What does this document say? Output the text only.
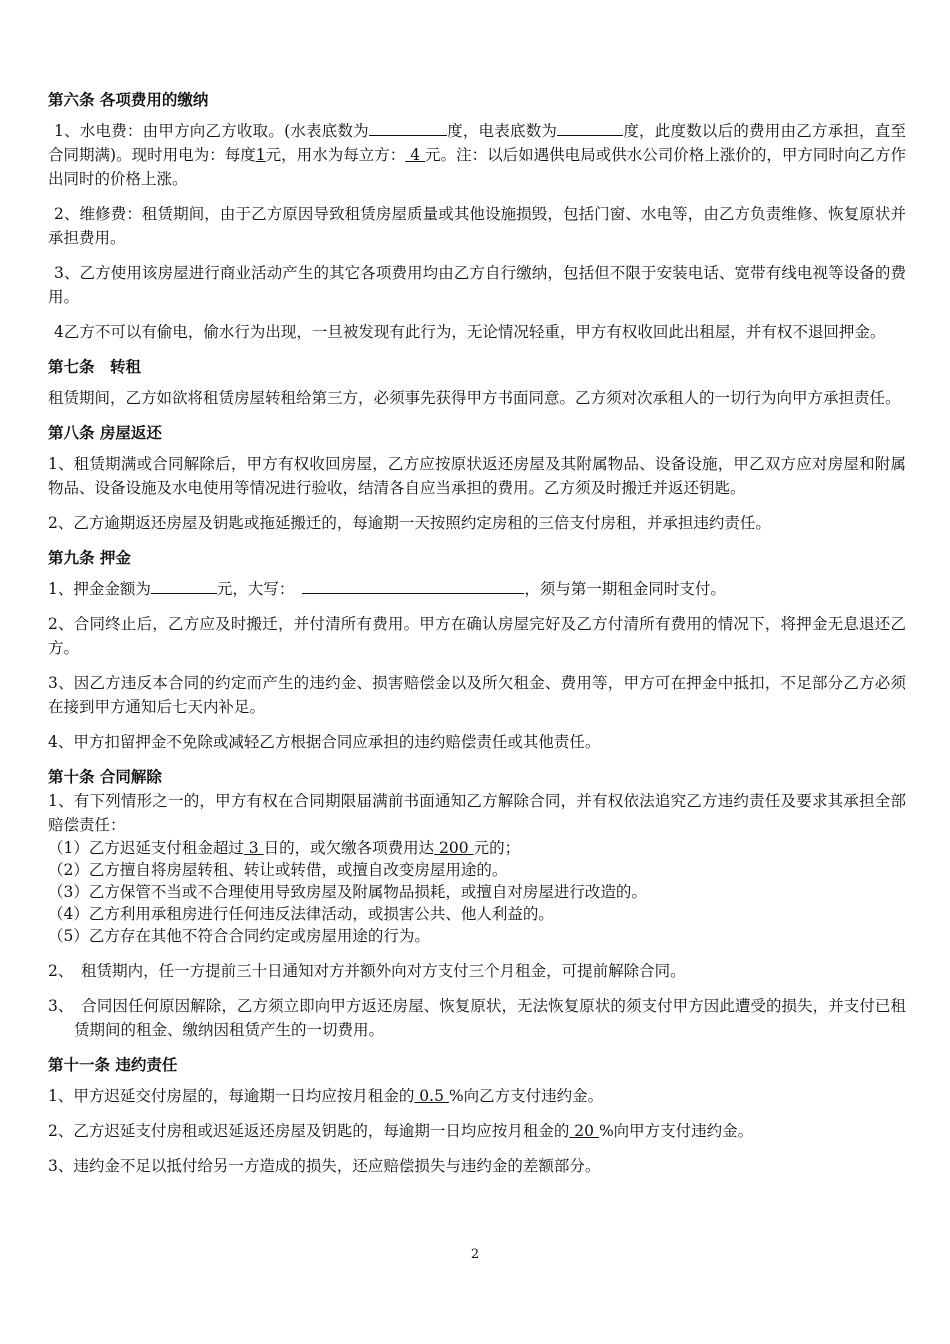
第六条 各项费用的缴纳

1、水电费：由甲方向乙方收取。(水表底数为	度，电表底数为	度，此度数以后的费用由乙方承担，直至合同期满)。现时用电为：每度1元，用水为每立方： 4 元。注：以后如遇供电局或供水公司价格上涨价的，甲方同时向乙方作出同时的价格上涨。

2、维修费：租赁期间，由于乙方原因导致租赁房屋质量或其他设施损毁，包括门窗、水电等，由乙方负责维修、恢复原状并承担费用。

3、乙方使用该房屋进行商业活动产生的其它各项费用均由乙方自行缴纳，包括但不限于安装电话、宽带有线电视等设备的费用。

4乙方不可以有偷电，偷水行为出现，一旦被发现有此行为，无论情况轻重，甲方有权收回此出租屋，并有权不退回押金。

第七条　转租

租赁期间，乙方如欲将租赁房屋转租给第三方，必须事先获得甲方书面同意。乙方须对次承租人的一切行为向甲方承担责任。

第八条 房屋返还

1、租赁期满或合同解除后，甲方有权收回房屋，乙方应按原状返还房屋及其附属物品、设备设施，甲乙双方应对房屋和附属物品、设备设施及水电使用等情况进行验收，结清各自应当承担的费用。乙方须及时搬迁并返还钥匙。

2、乙方逾期返还房屋及钥匙或拖延搬迁的，每逾期一天按照约定房租的三倍支付房租，并承担违约责任。

第九条 押金

1、押金金额为	元，大写：	，须与第一期租金同时支付。

2、合同终止后，乙方应及时搬迁，并付清所有费用。甲方在确认房屋完好及乙方付清所有费用的情况下，将押金无息退还乙方。

3、因乙方违反本合同的约定而产生的违约金、损害赔偿金以及所欠租金、费用等，甲方可在押金中抵扣，不足部分乙方必须在接到甲方通知后七天内补足。

4、甲方扣留押金不免除或减轻乙方根据合同应承担的违约赔偿责任或其他责任。

第十条 合同解除

1、有下列情形之一的，甲方有权在合同期限届满前书面通知乙方解除合同，并有权依法追究乙方违约责任及要求其承担全部赔偿责任：

（1）乙方迟延支付租金超过 3 日的，或欠缴各项费用达 200 元的；

（2）乙方擅自将房屋转租、转让或转借，或擅自改变房屋用途的。

（3）乙方保管不当或不合理使用导致房屋及附属物品损耗，或擅自对房屋进行改造的。

（4）乙方利用承租房进行任何违反法律活动，或损害公共、他人利益的。

（5）乙方存在其他不符合合同约定或房屋用途的行为。

2、　租赁期内，任一方提前三十日通知对方并额外向对方支付三个月租金，可提前解除合同。

3、　合同因任何原因解除，乙方须立即向甲方返还房屋、恢复原状，无法恢复原状的须支付甲方因此遭受的损失，并支付已租赁期间的租金、缴纳因租赁产生的一切费用。

第十一条 违约责任

1、甲方迟延交付房屋的，每逾期一日均应按月租金的 0.5 %向乙方支付违约金。

2、乙方迟延支付房租或迟延返还房屋及钥匙的，每逾期一日均应按月租金的 20 %向甲方支付违约金。

3、违约金不足以抵付给另一方造成的损失，还应赔偿损失与违约金的差额部分。

2
